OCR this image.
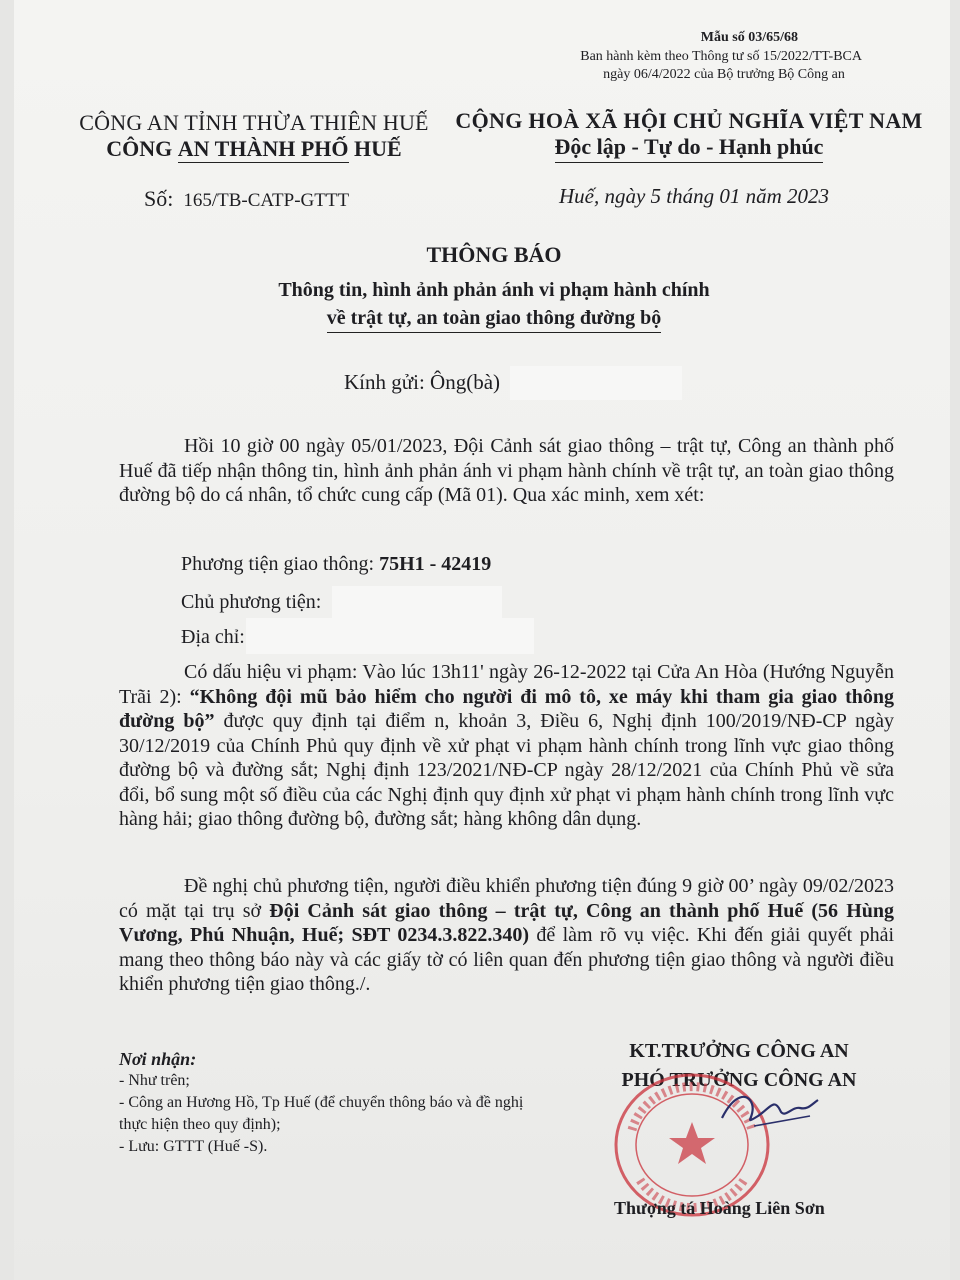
Mẫu số 03/65/68
Ban hành kèm theo Thông tư số 15/2022/TT-BCA
ngày 06/4/2022 của Bộ trưởng Bộ Công an
CÔNG AN TỈNH THỪA THIÊN HUẾ
CÔNG AN THÀNH PHỐ HUẾ
CỘNG HOÀ XÃ HỘI CHỦ NGHĨA VIỆT NAM
Độc lập - Tự do - Hạnh phúc
Số: 165/TB-CATP-GTTT	Huế, ngày 5 tháng 01 năm 2023
THÔNG BÁO
Thông tin, hình ảnh phản ánh vi phạm hành chính
về trật tự, an toàn giao thông đường bộ
Kính gửi: Ông(bà)
Hồi 10 giờ 00 ngày 05/01/2023, Đội Cảnh sát giao thông – trật tự, Công an thành phố Huế đã tiếp nhận thông tin, hình ảnh phản ánh vi phạm hành chính về trật tự, an toàn giao thông đường bộ do cá nhân, tổ chức cung cấp (Mã 01). Qua xác minh, xem xét:
Phương tiện giao thông: 75H1 - 42419
Chủ phương tiện:
Địa chỉ:
Có dấu hiệu vi phạm: Vào lúc 13h11' ngày 26-12-2022 tại Cửa An Hòa (Hướng Nguyễn Trãi 2): “Không đội mũ bảo hiểm cho người đi mô tô, xe máy khi tham gia giao thông đường bộ” được quy định tại điểm n, khoản 3, Điều 6, Nghị định 100/2019/NĐ-CP ngày 30/12/2019 của Chính Phủ quy định về xử phạt vi phạm hành chính trong lĩnh vực giao thông đường bộ và đường sắt; Nghị định 123/2021/NĐ-CP ngày 28/12/2021 của Chính Phủ về sửa đổi, bổ sung một số điều của các Nghị định quy định xử phạt vi phạm hành chính trong lĩnh vực hàng hải; giao thông đường bộ, đường sắt; hàng không dân dụng.
Đề nghị chủ phương tiện, người điều khiển phương tiện đúng 9 giờ 00’ ngày 09/02/2023 có mặt tại trụ sở Đội Cảnh sát giao thông – trật tự, Công an thành phố Huế (56 Hùng Vương, Phú Nhuận, Huế; SĐT 0234.3.822.340) để làm rõ vụ việc. Khi đến giải quyết phải mang theo thông báo này và các giấy tờ có liên quan đến phương tiện giao thông và người điều khiển phương tiện giao thông./.
Nơi nhận:
- Như trên;
- Công an Hương Hồ, Tp Huế (để chuyển thông báo và đề nghị thực hiện theo quy định);
- Lưu: GTTT (Huế -S).
KT.TRƯỞNG CÔNG AN
PHÓ TRƯỞNG CÔNG AN
Thượng tá Hoàng Liên Sơn
